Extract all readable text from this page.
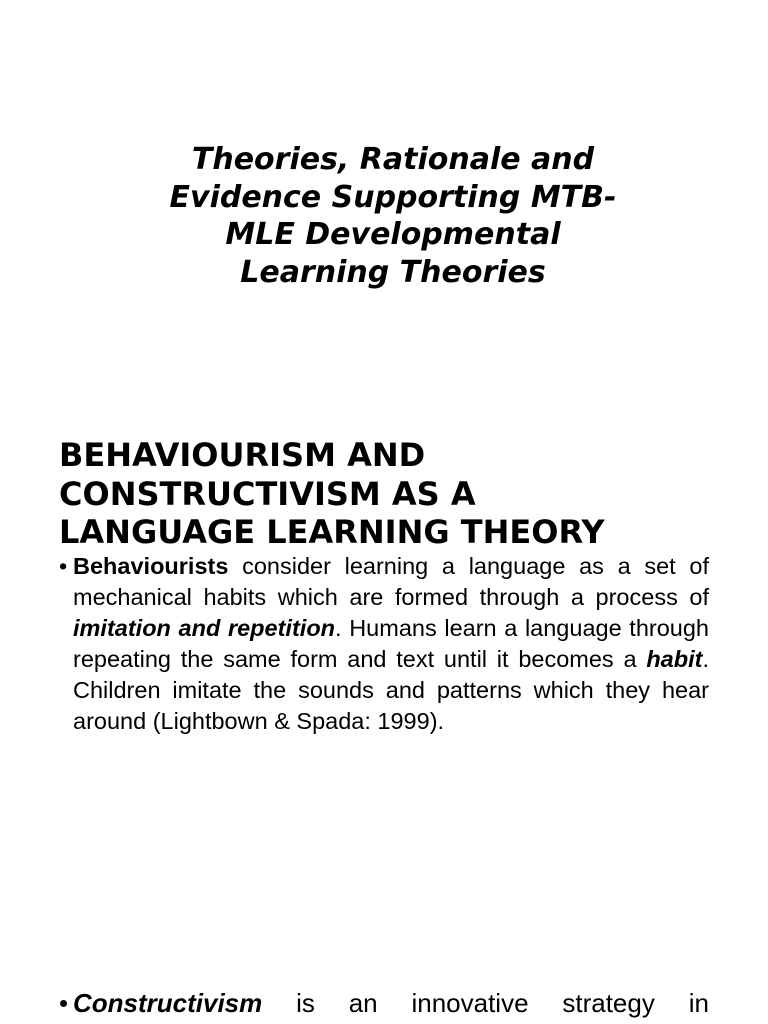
Theories, Rationale and
Evidence Supporting MTB-
MLE Developmental
Learning Theories
BEHAVIOURISM AND
CONSTRUCTIVISM AS A
LANGUAGE LEARNING THEORY
• Behaviourists consider learning a language as a set of mechanical habits which are formed through a process of imitation and repetition. Humans learn a language through repeating the same form and text until it becomes a habit. Children imitate the sounds and patterns which they hear around (Lightbown & Spada: 1999).
• Constructivism is an innovative strategy in
